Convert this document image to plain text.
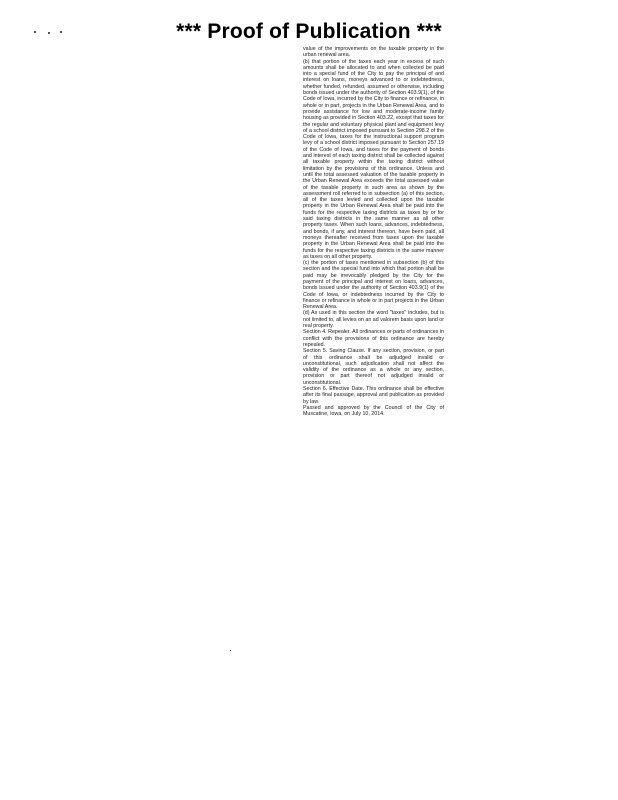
*** Proof of Publication ***

value of the improvements on the taxable property in the urban renewal area.

(b) that portion of the taxes each year in excess of such amounts shall be allocated to and when collected be paid into a special fund of the City to pay the principal of and interest on loans, moneys advanced to or indebtedness, whether funded, refunded, assumed or otherwise, including bonds issued under the authority of Section 403.9(1), of the Code of Iowa, incurred by the City to finance or refinance, in whole or in part, projects in the Urban Renewal Area, and to provide assistance for low and moderate-income family housing as provided in Section 403.22, except that taxes for the regular and voluntary physical plant and equipment levy of a school district imposed pursuant to Section 298.2 of the Code of Iowa, taxes for the instructional support program levy of a school district imposed pursuant to Section 257.19 of the Code of Iowa, and taxes for the payment of bonds and interest of each taxing district shall be collected against all taxable property within the taxing district without limitation by the provisions of this ordinance. Unless and until the total assessed valuation of the taxable property in the Urban Renewal Area exceeds the total assessed value of the taxable property in such area as shown by the assessment roll referred to in subsection (a) of this section, all of the taxes levied and collected upon the taxable property in the Urban Renewal Area shall be paid into the funds for the respective taxing districts as taxes by or for said taxing districts in the same manner as all other property taxes. When such loans, advances, indebtedness, and bonds, if any, and interest thereon, have been paid, all moneys thereafter received from taxes upon the taxable property in the Urban Renewal Area shall be paid into the funds for the respective taxing districts in the same manner as taxes on all other property.

(c) the portion of taxes mentioned in subsection (b) of this section and the special fund into which that portion shall be paid may be irrevocably pledged by the City for the payment of the principal and interest on loans, advances, bonds issued under the authority of Section 403.9(1) of the Code of Iowa, or indebtedness incurred by the City to finance or refinance in whole or in part projects in the Urban Renewal Area.

(d) As used in this section the word "taxes" includes, but is not limited to, all levies on an ad valorem basis upon land or real property.

Section 4. Repealer. All ordinances or parts of ordinances in conflict with the provisions of this ordinance are hereby repealed.

Section 5. Saving Clause. If any section, provision, or part of this ordinance shall be adjudged invalid or unconstitutional, such adjudication shall not affect the validity of the ordinance as a whole or any section, provision or part thereof not adjudged invalid or unconstitutional.

Section 6. Effective Date. This ordinance shall be effective after its final passage, approval and publication as provided by law.

Passed and approved by the Council of the City of Muscatine, Iowa, on July 10, 2014.
